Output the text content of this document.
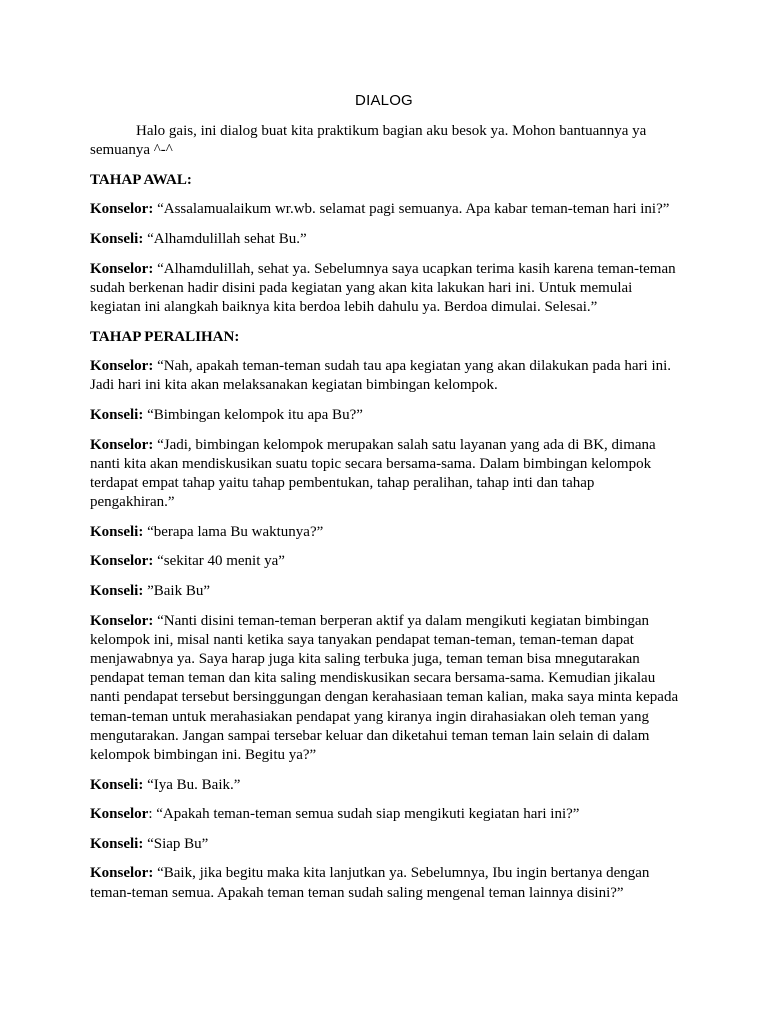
DIALOG

Halo gais, ini dialog buat kita praktikum bagian aku besok ya. Mohon bantuannya ya semuanya ^-^

TAHAP AWAL:

Konselor: “Assalamualaikum wr.wb. selamat pagi semuanya. Apa kabar teman-teman hari ini?”

Konseli: “Alhamdulillah sehat Bu.”

Konselor: “Alhamdulillah, sehat ya. Sebelumnya saya ucapkan terima kasih karena teman-teman sudah berkenan hadir disini pada kegiatan yang akan kita lakukan hari ini. Untuk memulai kegiatan ini alangkah baiknya kita berdoa lebih dahulu ya. Berdoa dimulai. Selesai.”

TAHAP PERALIHAN:

Konselor: “Nah, apakah teman-teman sudah tau apa kegiatan yang akan dilakukan pada hari ini. Jadi hari ini kita akan melaksanakan kegiatan bimbingan kelompok.

Konseli: “Bimbingan kelompok itu apa Bu?”

Konselor: “Jadi, bimbingan kelompok merupakan salah satu layanan yang ada di BK, dimana nanti kita akan mendiskusikan suatu topic secara bersama-sama. Dalam bimbingan kelompok terdapat empat tahap yaitu tahap pembentukan, tahap peralihan, tahap inti dan tahap pengakhiran.”

Konseli: “berapa lama Bu waktunya?”

Konselor: “sekitar 40 menit ya”

Konseli: ”Baik Bu”

Konselor: “Nanti disini teman-teman berperan aktif ya dalam mengikuti kegiatan bimbingan kelompok ini, misal nanti ketika saya tanyakan pendapat teman-teman, teman-teman dapat menjawabnya ya. Saya harap juga kita saling terbuka juga, teman teman bisa mnegutarakan pendapat teman teman dan kita saling mendiskusikan secara bersama-sama. Kemudian jikalau nanti pendapat tersebut bersinggungan dengan kerahasiaan teman kalian, maka saya minta kepada teman-teman untuk merahasiakan pendapat yang kiranya ingin dirahasiakan oleh teman yang mengutarakan. Jangan sampai tersebar keluar dan diketahui teman teman lain selain di dalam kelompok bimbingan ini. Begitu ya?”

Konseli: “Iya Bu. Baik.”

Konselor: “Apakah teman-teman semua sudah siap mengikuti kegiatan hari ini?”

Konseli: “Siap Bu”

Konselor: “Baik, jika begitu maka kita lanjutkan ya. Sebelumnya, Ibu ingin bertanya dengan teman-teman semua. Apakah teman teman sudah saling mengenal teman lainnya disini?”
